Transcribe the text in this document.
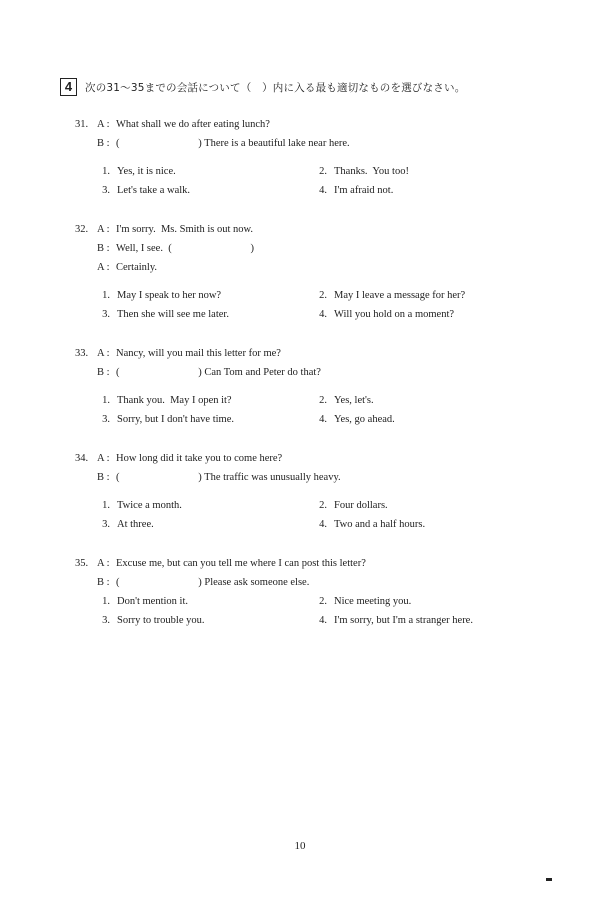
4	次の31～35までの会話について（　）内に入る最も適切なものを選びなさい。
31. A : What shall we do after eating lunch?
B : (                              ) There is a beautiful lake near here.
1. Yes, it is nice.	2. Thanks.  You too!
3. Let's take a walk.	4. I'm afraid not.
32. A : I'm sorry.  Ms. Smith is out now.
B : Well, I see.  (                              )
A : Certainly.
1. May I speak to her now?	2. May I leave a message for her?
3. Then she will see me later.	4. Will you hold on a moment?
33. A : Nancy, will you mail this letter for me?
B : (                              ) Can Tom and Peter do that?
1. Thank you.  May I open it?	2. Yes, let's.
3. Sorry, but I don't have time.	4. Yes, go ahead.
34. A : How long did it take you to come here?
B : (                              ) The traffic was unusually heavy.
1. Twice a month.	2. Four dollars.
3. At three.	4. Two and a half hours.
35. A : Excuse me, but can you tell me where I can post this letter?
B : (                              ) Please ask someone else.
1. Don't mention it.	2. Nice meeting you.
3. Sorry to trouble you.	4. I'm sorry, but I'm a stranger here.
10
